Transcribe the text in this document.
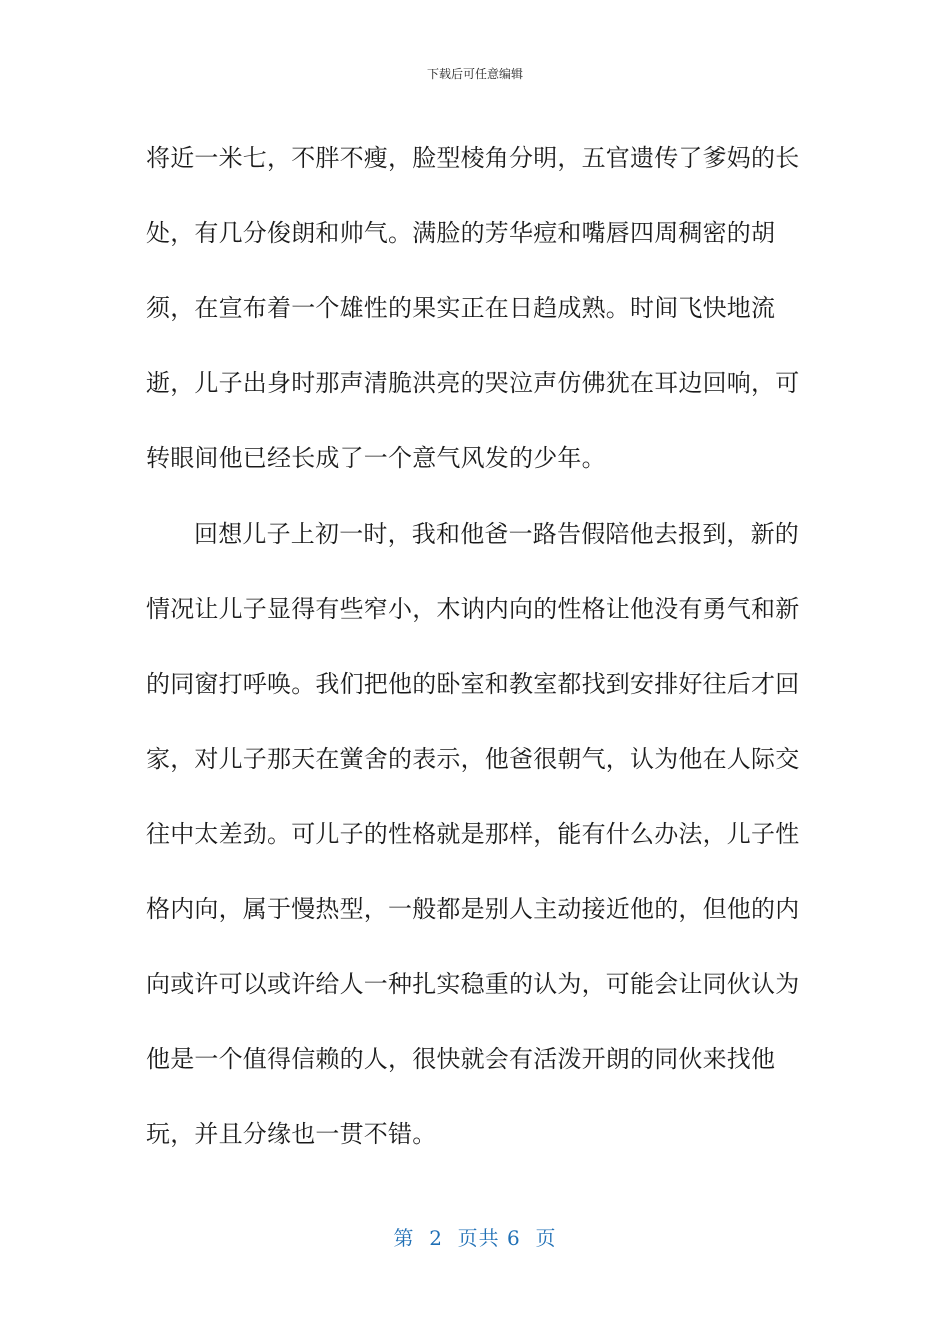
下载后可任意编辑

将近一米七，不胖不瘦，脸型棱角分明，五官遗传了爹妈的长处，有几分俊朗和帅气。满脸的芳华痘和嘴唇四周稠密的胡须，在宣布着一个雄性的果实正在日趋成熟。时间飞快地流逝，儿子出身时那声清脆洪亮的哭泣声仿佛犹在耳边回响，可转眼间他已经长成了一个意气风发的少年。

回想儿子上初一时，我和他爸一路告假陪他去报到，新的情况让儿子显得有些窄小，木讷内向的性格让他没有勇气和新的同窗打呼唤。我们把他的卧室和教室都找到安排好往后才回家，对儿子那天在黉舍的表示，他爸很朝气，认为他在人际交往中太差劲。可儿子的性格就是那样，能有什么办法，儿子性格内向，属于慢热型，一般都是别人主动接近他的，但他的内向或许可以或许给人一种扎实稳重的认为，可能会让同伙认为他是一个值得信赖的人，很快就会有活泼开朗的同伙来找他玩，并且分缘也一贯不错。

第  2  页共 6  页
